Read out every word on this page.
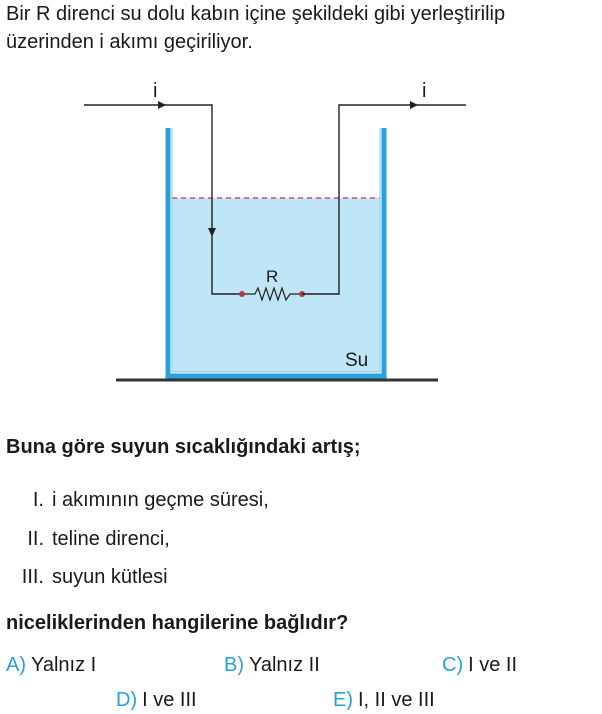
Bir R direnci su dolu kabın içine şekildeki gibi yerleştirilip
üzerinden i akımı geçiriliyor.
i	i
R
Su
Buna göre suyun sıcaklığındaki artış;
I. i akımının geçme süresi,
II. teline direnci,
III. suyun kütlesi
niceliklerinden hangilerine bağlıdır?
A) Yalnız I	B) Yalnız II	C) I ve II
D) I ve III	E) I, II ve III
